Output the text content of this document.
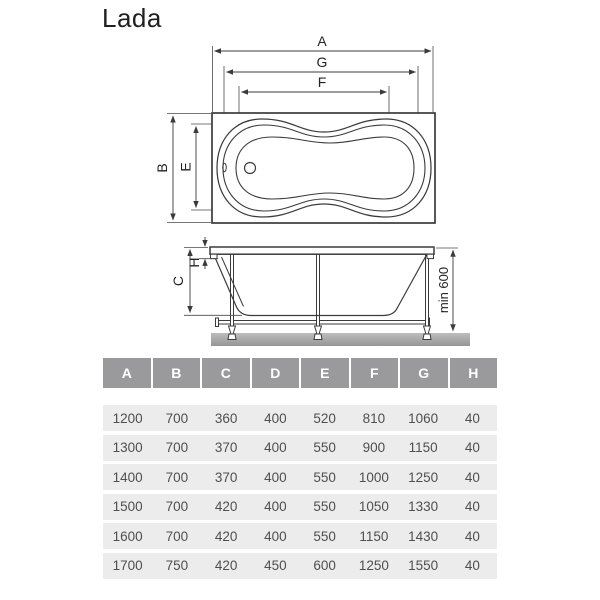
Lada
A
G
F
B E
H
C	min 600
A	B	C	D	E	F	G	H
1200	700	360	400	520	810	1060	40
1300	700	370	400	550	900	1150	40
1400	700	370	400	550	1000	1250	40
1500	700	420	400	550	1050	1330	40
1600	700	420	400	550	1150	1430	40
1700	750	420	450	600	1250	1550	40
